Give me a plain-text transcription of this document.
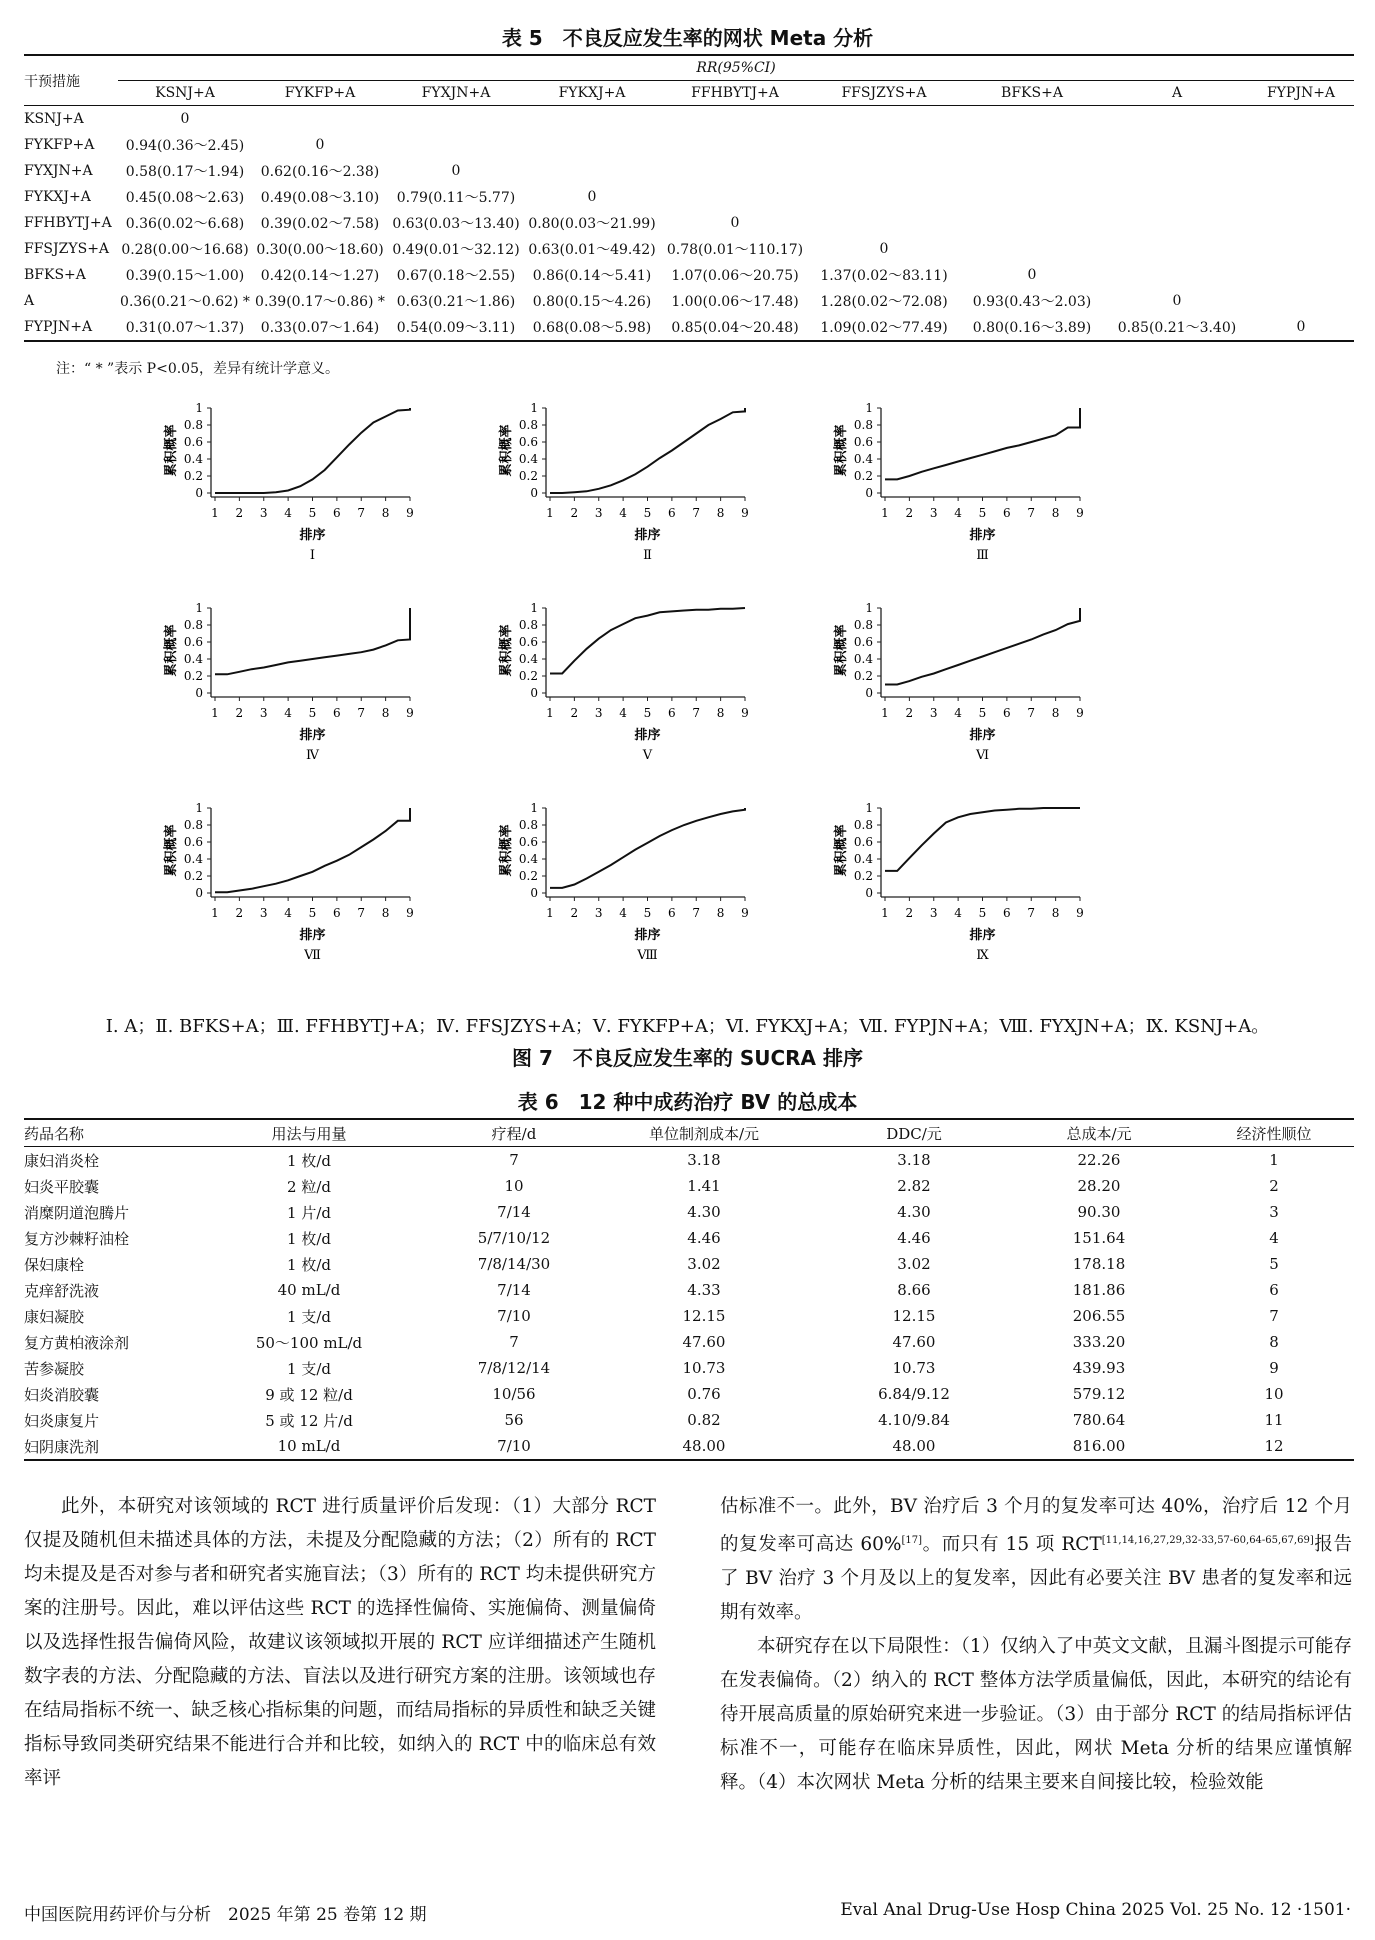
表 5　不良反应发生率的网状 Meta 分析
干预措施	RR(95%CI)								
	KSNJ+A	FYKFP+A	FYXJN+A	FYKXJ+A	FFHBYTJ+A	FFSJZYS+A	BFKS+A	A	FYPJN+A
KSNJ+A	0								
FYKFP+A	0.94(0.36～2.45)	0							
FYXJN+A	0.58(0.17～1.94)	0.62(0.16～2.38)	0						
FYKXJ+A	0.45(0.08～2.63)	0.49(0.08～3.10)	0.79(0.11～5.77)	0					
FFHBYTJ+A	0.36(0.02～6.68)	0.39(0.02～7.58)	0.63(0.03～13.40)	0.80(0.03～21.99)	0				
FFSJZYS+A	0.28(0.00～16.68)	0.30(0.00～18.60)	0.49(0.01～32.12)	0.63(0.01～49.42)	0.78(0.01～110.17)	0			
BFKS+A	0.39(0.15～1.00)	0.42(0.14～1.27)	0.67(0.18～2.55)	0.86(0.14～5.41)	1.07(0.06～20.75)	1.37(0.02～83.11)	0		
A	0.36(0.21～0.62) *	0.39(0.17～0.86) *	0.63(0.21～1.86)	0.80(0.15～4.26)	1.00(0.06～17.48)	1.28(0.02～72.08)	0.93(0.43～2.03)	0	
FYPJN+A	0.31(0.07～1.37)	0.33(0.07～1.64)	0.54(0.09～3.11)	0.68(0.08～5.98)	0.85(0.04～20.48)	1.09(0.02～77.49)	0.80(0.16～3.89)	0.85(0.21～3.40)	0
注：“ * ”表示 P<0.05，差异有统计学意义。
0
0.2
0.4
0.6
0.8
1
1 2 3 4 5 6 7 8 9
累积概率
排序
Ⅰ
0
0.2
0.4
0.6
0.8
1
1 2 3 4 5 6 7 8 9
累积概率
排序
Ⅱ
0
0.2
0.4
0.6
0.8
1
1 2 3 4 5 6 7 8 9
累积概率
排序
Ⅲ
0
0.2
0.4
0.6
0.8
1
1 2 3 4 5 6 7 8 9
累积概率
排序
Ⅳ
0
0.2
0.4
0.6
0.8
1
1 2 3 4 5 6 7 8 9
累积概率
排序
Ⅴ
0
0.2
0.4
0.6
0.8
1
1 2 3 4 5 6 7 8 9
累积概率
排序
Ⅵ
0
0.2
0.4
0.6
0.8
1
1 2 3 4 5 6 7 8 9
累积概率
排序
Ⅶ
0
0.2
0.4
0.6
0.8
1
1 2 3 4 5 6 7 8 9
累积概率
排序
Ⅷ
0
0.2
0.4
0.6
0.8
1
1 2 3 4 5 6 7 8 9
累积概率
排序
Ⅸ
Ⅰ. A；Ⅱ. BFKS+A；Ⅲ. FFHBYTJ+A；Ⅳ. FFSJZYS+A；Ⅴ. FYKFP+A；Ⅵ. FYKXJ+A；Ⅶ. FYPJN+A；Ⅷ. FYXJN+A；Ⅸ. KSNJ+A。
图 7　不良反应发生率的 SUCRA 排序
表 6　12 种中成药治疗 BV 的总成本
药品名称	用法与用量	疗程/d	单位制剂成本/元	DDC/元	总成本/元	经济性顺位
康妇消炎栓	1 枚/d	7	3.18	3.18	22.26	1
妇炎平胶囊	2 粒/d	10	1.41	2.82	28.20	2
消糜阴道泡腾片	1 片/d	7/14	4.30	4.30	90.30	3
复方沙棘籽油栓	1 枚/d	5/7/10/12	4.46	4.46	151.64	4
保妇康栓	1 枚/d	7/8/14/30	3.02	3.02	178.18	5
克痒舒洗液	40 mL/d	7/14	4.33	8.66	181.86	6
康妇凝胶	1 支/d	7/10	12.15	12.15	206.55	7
复方黄柏液涂剂	50～100 mL/d	7	47.60	47.60	333.20	8
苦参凝胶	1 支/d	7/8/12/14	10.73	10.73	439.93	9
妇炎消胶囊	9 或 12 粒/d	10/56	0.76	6.84/9.12	579.12	10
妇炎康复片	5 或 12 片/d	56	0.82	4.10/9.84	780.64	11
妇阴康洗剂	10 mL/d	7/10	48.00	48.00	816.00	12

此外，本研究对该领域的 RCT 进行质量评价后发现：（1）大部分 RCT 仅提及随机但未描述具体的方法，未提及分配隐藏的方法；（2）所有的 RCT 均未提及是否对参与者和研究者实施盲法；（3）所有的 RCT 均未提供研究方案的注册号。因此，难以评估这些 RCT 的选择性偏倚、实施偏倚、测量偏倚以及选择性报告偏倚风险，故建议该领域拟开展的 RCT 应详细描述产生随机数字表的方法、分配隐藏的方法、盲法以及进行研究方案的注册。该领域也存在结局指标不统一、缺乏核心指标集的问题，而结局指标的异质性和缺乏关键指标导致同类研究结果不能进行合并和比较，如纳入的 RCT 中的临床总有效率评

估标准不一。此外，BV 治疗后 3 个月的复发率可达 40%，治疗后 12 个月的复发率可高达 60%[17]。而只有 15 项 RCT[11,14,16,27,29,32-33,57-60,64-65,67,69]报告了 BV 治疗 3 个月及以上的复发率，因此有必要关注 BV 患者的复发率和远期有效率。

本研究存在以下局限性：（1）仅纳入了中英文文献，且漏斗图提示可能存在发表偏倚。（2）纳入的 RCT 整体方法学质量偏低，因此，本研究的结论有待开展高质量的原始研究来进一步验证。（3）由于部分 RCT 的结局指标评估标准不一，可能存在临床异质性，因此，网状 Meta 分析的结果应谨慎解释。（4）本次网状 Meta 分析的结果主要来自间接比较，检验效能

中国医院用药评价与分析　2025 年第 25 卷第 12 期	Eval Anal Drug-Use Hosp China 2025 Vol. 25 No. 12 ·1501·
